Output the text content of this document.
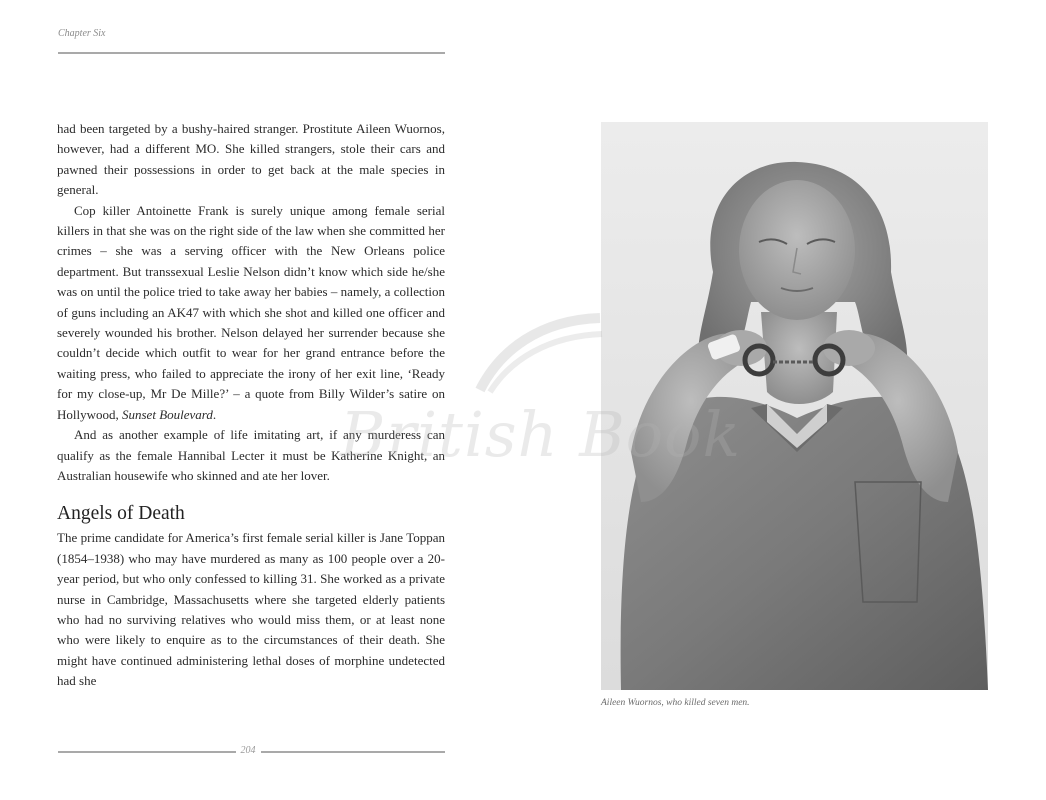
Chapter Six

had been targeted by a bushy-haired stranger. Prostitute Aileen Wuornos, however, had a different MO. She killed strangers, stole their cars and pawned their possessions in order to get back at the male species in general.

Cop killer Antoinette Frank is surely unique among female serial killers in that she was on the right side of the law when she committed her crimes – she was a serving officer with the New Orleans police department. But transsexual Leslie Nelson didn’t know which side he/she was on until the police tried to take away her babies – namely, a collection of guns including an AK47 with which she shot and killed one officer and severely wounded his brother. Nelson delayed her surrender because she couldn’t decide which outfit to wear for her grand entrance before the waiting press, who failed to appreciate the irony of her exit line, ‘Ready for my close-up, Mr De Mille?’ – a quote from Billy Wilder’s satire on Hollywood, Sunset Boulevard.

And as another example of life imitating art, if any murderess can qualify as the female Hannibal Lecter it must be Katherine Knight, an Australian housewife who skinned and ate her lover.

Angels of Death

The prime candidate for America’s first female serial killer is Jane Toppan (1854–1938) who may have murdered as many as 100 people over a 20-year period, but who only confessed to killing 31. She worked as a private nurse in Cambridge, Massachusetts where she targeted elderly patients who had no surviving relatives who would miss them, or at least none who were likely to enquire as to the circumstances of their death. She might have continued administering lethal doses of morphine undetected had she

Aileen Wuornos, who killed seven men.
204
British Book
